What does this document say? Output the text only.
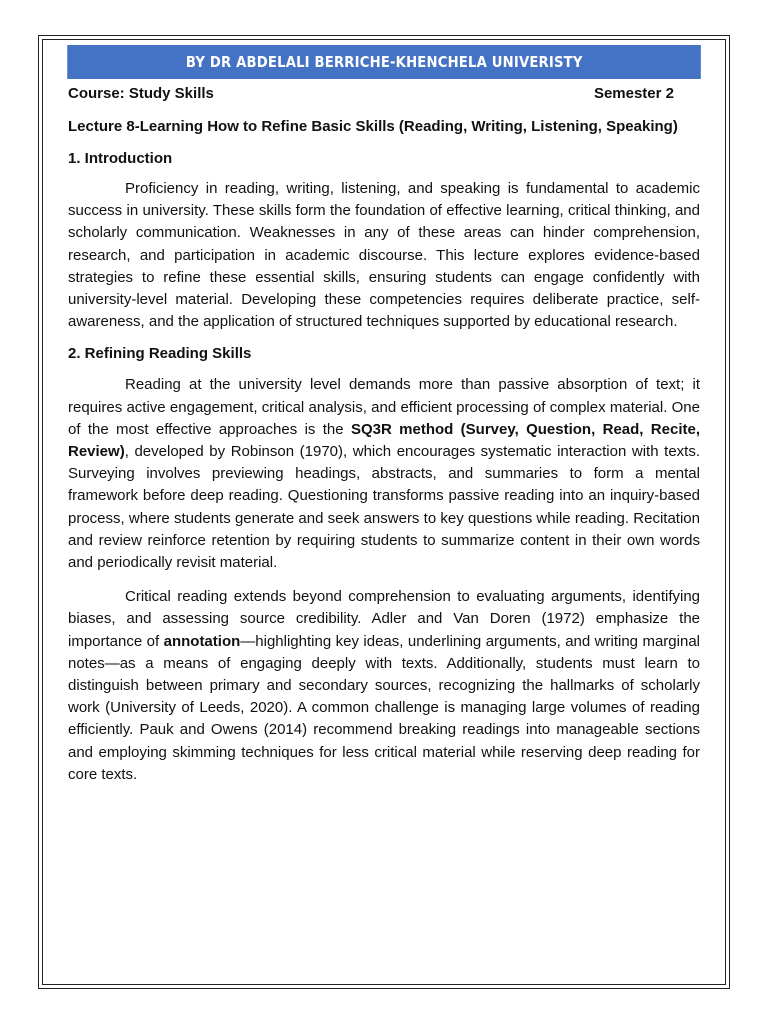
BY DR ABDELALI BERRICHE-KHENCHELA UNIVERISTY
Course: Study Skills	Semester 2
Lecture 8-Learning How to Refine Basic Skills (Reading, Writing, Listening, Speaking)
1. Introduction

Proficiency in reading, writing, listening, and speaking is fundamental to academic success in university. These skills form the foundation of effective learning, critical thinking, and scholarly communication. Weaknesses in any of these areas can hinder comprehension, research, and participation in academic discourse. This lecture explores evidence-based strategies to refine these essential skills, ensuring students can engage confidently with university-level material. Developing these competencies requires deliberate practice, self-awareness, and the application of structured techniques supported by educational research.

2. Refining Reading Skills

Reading at the university level demands more than passive absorption of text; it requires active engagement, critical analysis, and efficient processing of complex material. One of the most effective approaches is the SQ3R method (Survey, Question, Read, Recite, Review), developed by Robinson (1970), which encourages systematic interaction with texts. Surveying involves previewing headings, abstracts, and summaries to form a mental framework before deep reading. Questioning transforms passive reading into an inquiry-based process, where students generate and seek answers to key questions while reading. Recitation and review reinforce retention by requiring students to summarize content in their own words and periodically revisit material.

Critical reading extends beyond comprehension to evaluating arguments, identifying biases, and assessing source credibility. Adler and Van Doren (1972) emphasize the importance of annotation—highlighting key ideas, underlining arguments, and writing marginal notes—as a means of engaging deeply with texts. Additionally, students must learn to distinguish between primary and secondary sources, recognizing the hallmarks of scholarly work (University of Leeds, 2020). A common challenge is managing large volumes of reading efficiently. Pauk and Owens (2014) recommend breaking readings into manageable sections and employing skimming techniques for less critical material while reserving deep reading for core texts.
